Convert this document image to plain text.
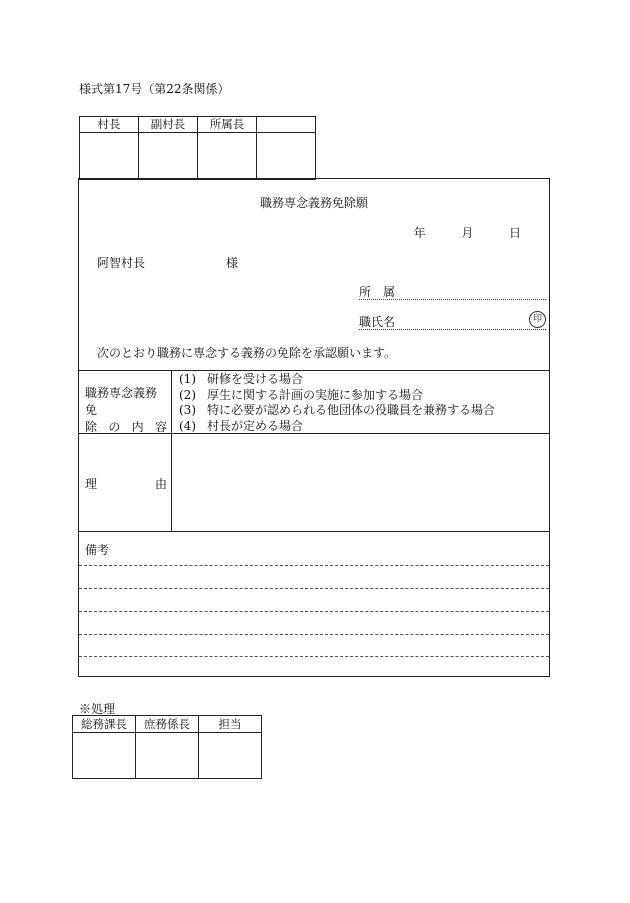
様式第17号（第22条関係）
村長	副村長	所属長	

職務専念義務免除願
年	月	日
阿智村長	様
所　属
職氏名	印
次のとおり職務に専念する義務の免除を承認願います。
職務専念義務免
除 の 内 容
(1) 研修を受ける場合
(2) 厚生に関する計画の実施に参加する場合
(3) 特に必要が認められる他団体の役職員を兼務する場合
(4) 村長が定める場合
理	由
備考
※処理
総務課長	庶務係長	担当
